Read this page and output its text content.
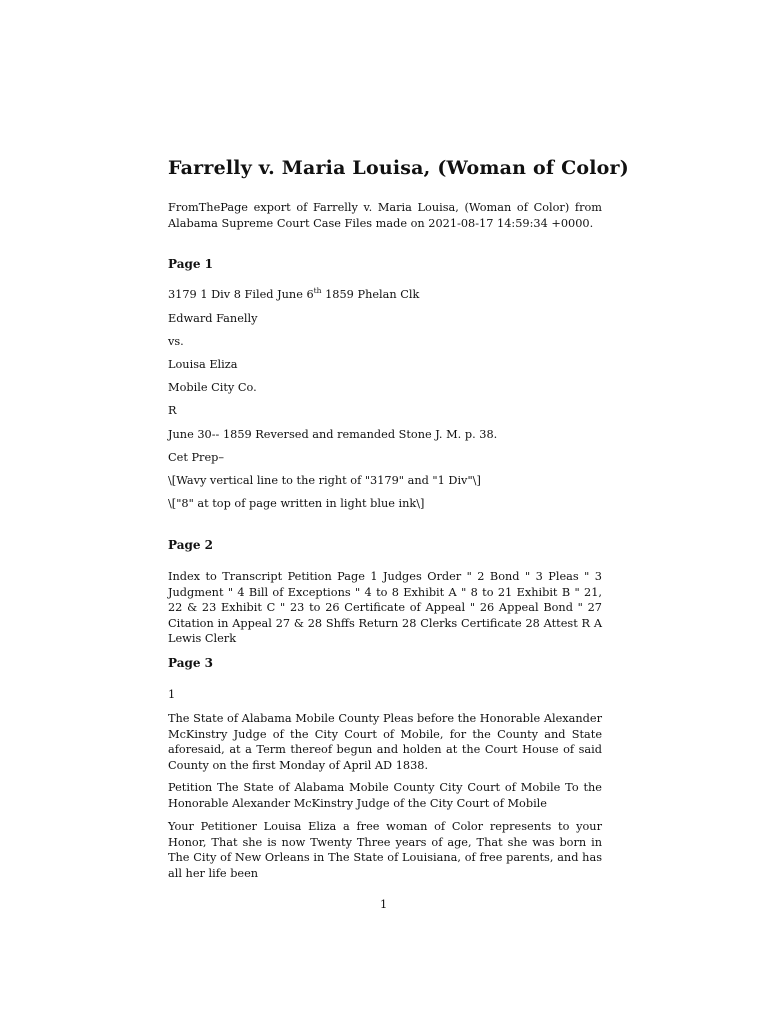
Farrelly v. Maria Louisa, (Woman of Color)
FromThePage export of Farrelly v. Maria Louisa, (Woman of Color) from Alabama Supreme Court Case Files made on 2021-08-17 14:59:34 +0000.
Page 1
3179 1 Div 8 Filed June 6th 1859 Phelan Clk
Edward Fanelly
vs.
Louisa Eliza
Mobile City Co.
R
June 30-- 1859 Reversed and remanded Stone J. M. p. 38.
Cet Prep–
\[Wavy vertical line to the right of "3179" and "1 Div"\]
\["8" at top of page written in light blue ink\]
Page 2
Index to Transcript Petition Page 1 Judges Order " 2 Bond " 3 Pleas " 3 Judgment " 4 Bill of Exceptions " 4 to 8 Exhibit A " 8 to 21 Exhibit B " 21, 22 & 23 Exhibit C " 23 to 26 Certificate of Appeal " 26 Appeal Bond " 27 Citation in Appeal 27 & 28 Shffs Return 28 Clerks Certificate 28 Attest R A Lewis Clerk
Page 3
1
The State of Alabama Mobile County Pleas before the Honorable Alexander McKinstry Judge of the City Court of Mobile, for the County and State aforesaid, at a Term thereof begun and holden at the Court House of said County on the first Monday of April AD 1838.
Petition The State of Alabama Mobile County City Court of Mobile To the Honorable Alexander McKinstry Judge of the City Court of Mobile
Your Petitioner Louisa Eliza a free woman of Color represents to your Honor, That she is now Twenty Three years of age, That she was born in The City of New Orleans in The State of Louisiana, of free parents, and has all her life been
1
